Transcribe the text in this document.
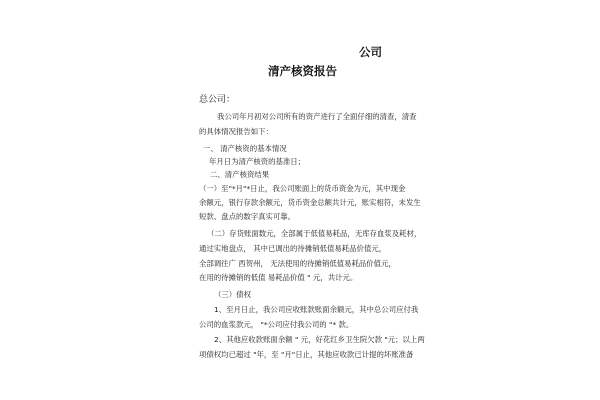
公司
清产核资报告
总公司：
我公司年月初对公司所有的资产进行了全面仔细的清查，清查
的具体情况报告如下：
一、 清产核资的基本情况
年月日为清产核资的基准日；
二、清产核资结果
（一）至"*月"*日止，我公司账面上的货币资金为元，其中现金
余额元，银行存款余额元，货币资金总额共计元，账实相符，未发生
短款、盘点的数字真实可靠。
（二）存货账面数元，全部属于低值易耗品，无库存血浆及耗材，
通过实地盘点， 其中已调出的待摊销低值易耗品价值元，
全部调往广 西贺州， 无法使用的待摊销低值易耗品价值元，
在用的待摊销的低值 易耗品价值 " 元，共计元。
（三）债权
1、至月日止，我公司应收账款账面余额元，其中总公司应付我
公司的血浆款元， "*公司应付我公司的 "* 款。
2、其他应收款账面余额 " 元，好花红乡卫生院欠款 "元；以上两
项债权均已超过 "年，至 "月"日止，其他应收款已计提的坏账准备
